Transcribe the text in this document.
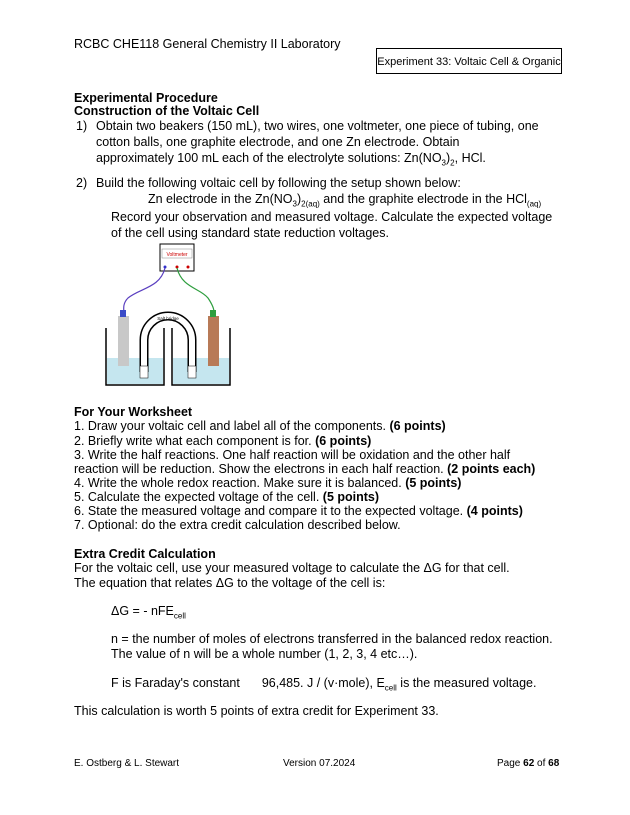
RCBC CHE118 General Chemistry II Laboratory
Experiment 33: Voltaic Cell & Organic
Experimental Procedure
Construction of the Voltaic Cell
1) Obtain two beakers (150 mL), two wires, one voltmeter, one piece of tubing, one
cotton balls, one graphite electrode, and one Zn electrode. Obtain
approximately 100 mL each of the electrolyte solutions: $Zn(NO_3)_2$, HCl.
2) Build the following voltaic cell by following the setup shown below:
Zn electrode in the $Zn(NO_3)_{2(aq)}$ and the graphite electrode in the HCl$_{(aq)}$
Record your observation and measured voltage. Calculate the expected voltage
of the cell using standard state reduction voltages.
Voltmeter
Salt bridge
For Your Worksheet
1. Draw your voltaic cell and label all of the components. (6 points)
2. Briefly write what each component is for. (6 points)
3. Write the half reactions. One half reaction will be oxidation and the other half
reaction will be reduction. Show the electrons in each half reaction. (2 points each)
4. Write the whole redox reaction. Make sure it is balanced. (5 points)
5. Calculate the expected voltage of the cell. (5 points)
6. State the measured voltage and compare it to the expected voltage. (4 points)
7. Optional: do the extra credit calculation described below.
Extra Credit Calculation
For the voltaic cell, use your measured voltage to calculate the ΔG for that cell.
The equation that relates ΔG to the voltage of the cell is:
ΔG = - nFE$_{cell}$
n = the number of moles of electrons transferred in the balanced redox reaction.
The value of n will be a whole number (1, 2, 3, 4 etc…).
F is Faraday's constant 96,485. J / (v·mole), $E_{cell}$ is the measured voltage.
This calculation is worth 5 points of extra credit for Experiment 33.
E. Ostberg & L. Stewart	Version 07.2024	Page 62 of 68
